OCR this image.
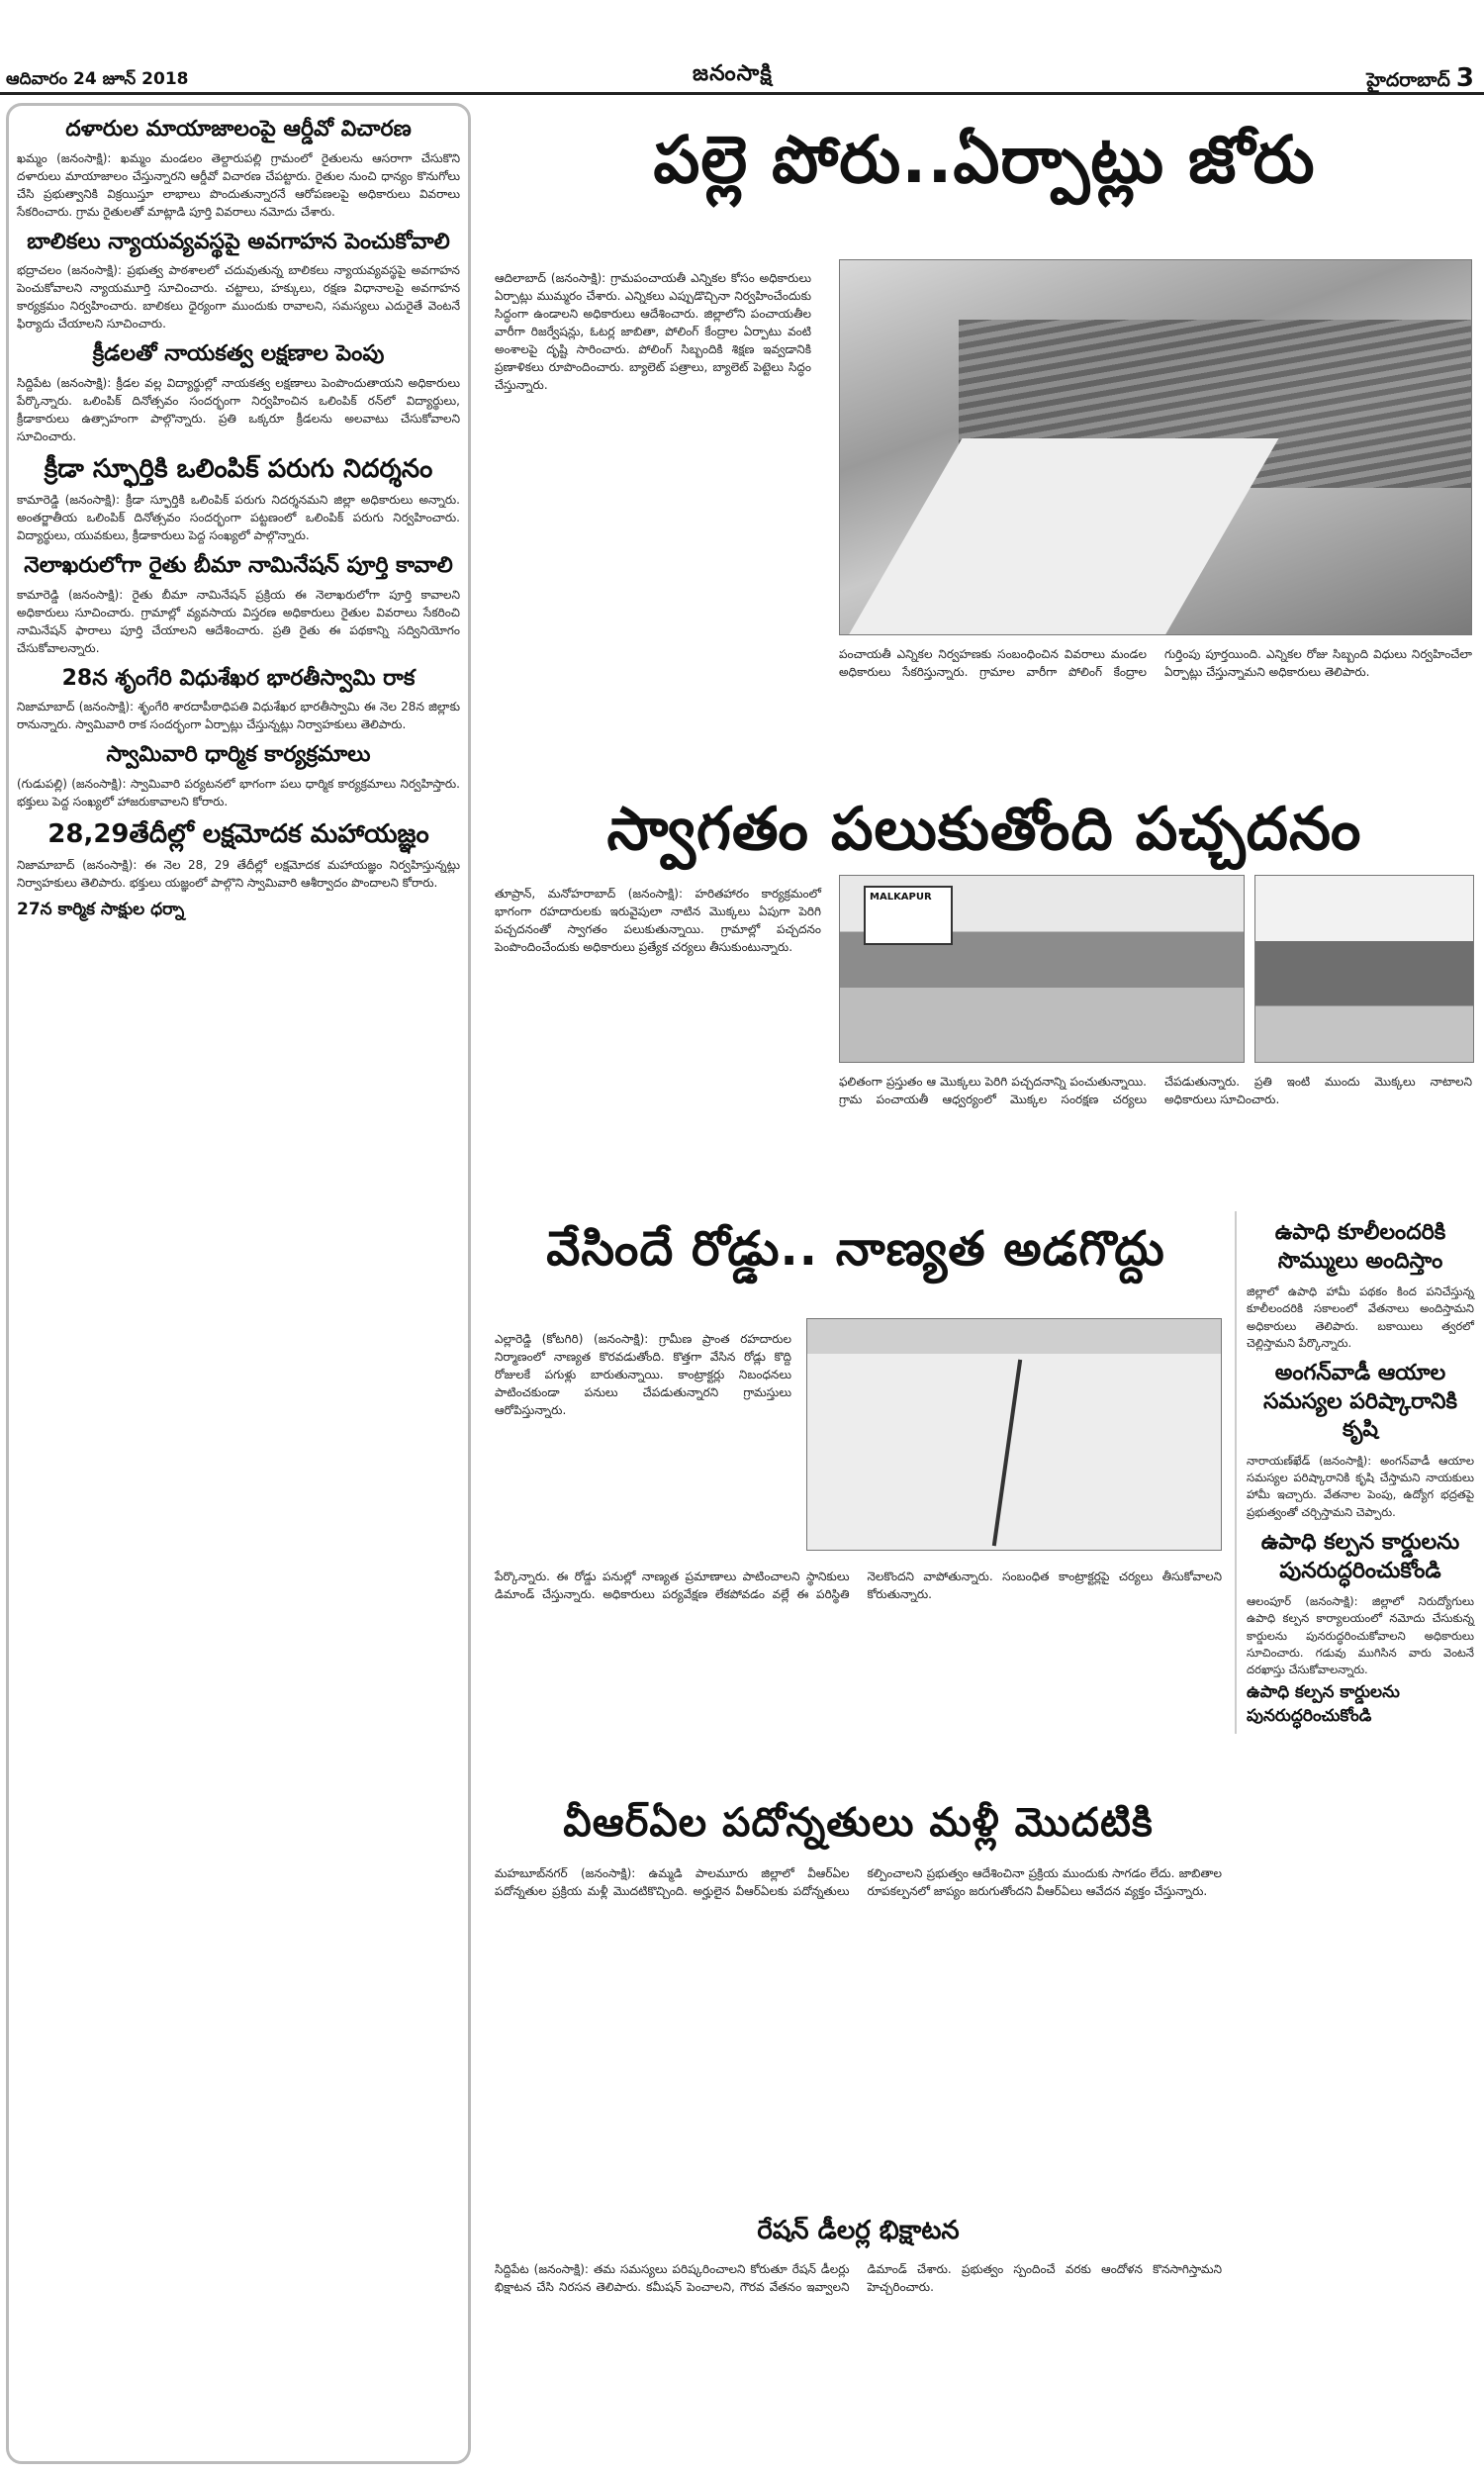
ఆదివారం 24 జూన్ 2018	జనంసాక్షి	హైదరాబాద్ 3
దళారుల మాయాజాలంపై ఆర్డీవో విచారణ
ఖమ్మం (జనంసాక్షి): ఖమ్మం మండలం తెల్దారుపల్లి గ్రామంలో రైతులను ఆసరాగా చేసుకొని దళారులు మాయాజాలం చేస్తున్నారని ఆర్డీవో విచారణ చేపట్టారు. రైతుల నుంచి ధాన్యం కొనుగోలు చేసి ప్రభుత్వానికి విక్రయిస్తూ లాభాలు పొందుతున్నారనే ఆరోపణలపై అధికారులు వివరాలు సేకరించారు. గ్రామ రైతులతో మాట్లాడి పూర్తి వివరాలు నమోదు చేశారు.
బాలికలు న్యాయవ్యవస్థపై అవగాహన పెంచుకోవాలి
భద్రాచలం (జనంసాక్షి): ప్రభుత్వ పాఠశాలలో చదువుతున్న బాలికలు న్యాయవ్యవస్థపై అవగాహన పెంచుకోవాలని న్యాయమూర్తి సూచించారు. చట్టాలు, హక్కులు, రక్షణ విధానాలపై అవగాహన కార్యక్రమం నిర్వహించారు. బాలికలు ధైర్యంగా ముందుకు రావాలని, సమస్యలు ఎదురైతే వెంటనే ఫిర్యాదు చేయాలని సూచించారు.
క్రీడలతో నాయకత్వ లక్షణాల పెంపు
సిద్దిపేట (జనంసాక్షి): క్రీడల వల్ల విద్యార్థుల్లో నాయకత్వ లక్షణాలు పెంపొందుతాయని అధికారులు పేర్కొన్నారు. ఒలింపిక్ దినోత్సవం సందర్భంగా నిర్వహించిన ఒలింపిక్ రన్‌లో విద్యార్థులు, క్రీడాకారులు ఉత్సాహంగా పాల్గొన్నారు. ప్రతి ఒక్కరూ క్రీడలను అలవాటు చేసుకోవాలని సూచించారు.
క్రీడా స్ఫూర్తికి ఒలింపిక్ పరుగు నిదర్శనం
కామారెడ్డి (జనంసాక్షి): క్రీడా స్ఫూర్తికి ఒలింపిక్ పరుగు నిదర్శనమని జిల్లా అధికారులు అన్నారు. అంతర్జాతీయ ఒలింపిక్ దినోత్సవం సందర్భంగా పట్టణంలో ఒలింపిక్ పరుగు నిర్వహించారు. విద్యార్థులు, యువకులు, క్రీడాకారులు పెద్ద సంఖ్యలో పాల్గొన్నారు.
నెలాఖరులోగా రైతు బీమా నామినేషన్ పూర్తి కావాలి
కామారెడ్డి (జనంసాక్షి): రైతు బీమా నామినేషన్ ప్రక్రియ ఈ నెలాఖరులోగా పూర్తి కావాలని అధికారులు సూచించారు. గ్రామాల్లో వ్యవసాయ విస్తరణ అధికారులు రైతుల వివరాలు సేకరించి నామినేషన్ ఫారాలు పూర్తి చేయాలని ఆదేశించారు. ప్రతి రైతు ఈ పథకాన్ని సద్వినియోగం చేసుకోవాలన్నారు.
28న శృంగేరి విధుశేఖర భారతీస్వామి రాక
నిజామాబాద్ (జనంసాక్షి): శృంగేరి శారదాపీఠాధిపతి విధుశేఖర భారతీస్వామి ఈ నెల 28న జిల్లాకు రానున్నారు. స్వామివారి రాక సందర్భంగా ఏర్పాట్లు చేస్తున్నట్లు నిర్వాహకులు తెలిపారు.
స్వామివారి ధార్మిక కార్యక్రమాలు
(గుడుపల్లి) (జనంసాక్షి): స్వామివారి పర్యటనలో భాగంగా పలు ధార్మిక కార్యక్రమాలు నిర్వహిస్తారు. భక్తులు పెద్ద సంఖ్యలో హాజరుకావాలని కోరారు.
28,29తేదీల్లో లక్షమోదక మహాయజ్ఞం
నిజామాబాద్ (జనంసాక్షి): ఈ నెల 28, 29 తేదీల్లో లక్షమోదక మహాయజ్ఞం నిర్వహిస్తున్నట్లు నిర్వాహకులు తెలిపారు. భక్తులు యజ్ఞంలో పాల్గొని స్వామివారి ఆశీర్వాదం పొందాలని కోరారు.
27న కార్మిక సాక్షుల ధర్నా
పల్లె పోరు..ఏర్పాట్లు జోరు
ఆదిలాబాద్ (జనంసాక్షి): గ్రామపంచాయతీ ఎన్నికల కోసం అధికారులు ఏర్పాట్లు ముమ్మరం చేశారు. ఎన్నికలు ఎప్పుడొచ్చినా నిర్వహించేందుకు సిద్ధంగా ఉండాలని అధికారులు ఆదేశించారు. జిల్లాలోని పంచాయతీల వారీగా రిజర్వేషన్లు, ఓటర్ల జాబితా, పోలింగ్ కేంద్రాల ఏర్పాటు వంటి అంశాలపై దృష్టి సారించారు. పోలింగ్ సిబ్బందికి శిక్షణ ఇవ్వడానికి ప్రణాళికలు రూపొందించారు. బ్యాలెట్ పత్రాలు, బ్యాలెట్ పెట్టెలు సిద్ధం చేస్తున్నారు.
పంచాయతీ ఎన్నికల నిర్వహణకు సంబంధించిన వివరాలు మండల అధికారులు సేకరిస్తున్నారు. గ్రామాల వారీగా పోలింగ్ కేంద్రాల గుర్తింపు పూర్తయింది. ఎన్నికల రోజు సిబ్బంది విధులు నిర్వహించేలా ఏర్పాట్లు చేస్తున్నామని అధికారులు తెలిపారు.
స్వాగతం పలుకుతోంది పచ్చదనం
తూప్రాన్, మనోహరాబాద్ (జనంసాక్షి): హరితహారం కార్యక్రమంలో భాగంగా రహదారులకు ఇరువైపులా నాటిన మొక్కలు ఏపుగా పెరిగి పచ్చదనంతో స్వాగతం పలుకుతున్నాయి. గ్రామాల్లో పచ్చదనం పెంపొందించేందుకు అధికారులు ప్రత్యేక చర్యలు తీసుకుంటున్నారు.
MALKAPUR
ఫలితంగా ప్రస్తుతం ఆ మొక్కలు పెరిగి పచ్చదనాన్ని పంచుతున్నాయి. గ్రామ పంచాయతీ ఆధ్వర్యంలో మొక్కల సంరక్షణ చర్యలు చేపడుతున్నారు. ప్రతి ఇంటి ముందు మొక్కలు నాటాలని అధికారులు సూచించారు.
వేసిందే రోడ్డు.. నాణ్యత అడగొద్దు
ఎల్లారెడ్డి (కోటగిరి) (జనంసాక్షి): గ్రామీణ ప్రాంత రహదారుల నిర్మాణంలో నాణ్యత కొరవడుతోంది. కొత్తగా వేసిన రోడ్లు కొద్ది రోజులకే పగుళ్లు బారుతున్నాయి. కాంట్రాక్టర్లు నిబంధనలు పాటించకుండా పనులు చేపడుతున్నారని గ్రామస్తులు ఆరోపిస్తున్నారు.
పేర్కొన్నారు. ఈ రోడ్డు పనుల్లో నాణ్యత ప్రమాణాలు పాటించాలని స్థానికులు డిమాండ్ చేస్తున్నారు. అధికారులు పర్యవేక్షణ లేకపోవడం వల్లే ఈ పరిస్థితి నెలకొందని వాపోతున్నారు. సంబంధిత కాంట్రాక్టర్లపై చర్యలు తీసుకోవాలని కోరుతున్నారు.
వీఆర్ఏల పదోన్నతులు మళ్లీ మొదటికి
మహబూబ్‌నగర్ (జనంసాక్షి): ఉమ్మడి పాలమూరు జిల్లాలో వీఆర్ఏల పదోన్నతుల ప్రక్రియ మళ్లీ మొదటికొచ్చింది. అర్హులైన వీఆర్ఏలకు పదోన్నతులు కల్పించాలని ప్రభుత్వం ఆదేశించినా ప్రక్రియ ముందుకు సాగడం లేదు. జాబితాల రూపకల్పనలో జాప్యం జరుగుతోందని వీఆర్ఏలు ఆవేదన వ్యక్తం చేస్తున్నారు.
రేషన్ డీలర్ల భిక్షాటన
సిద్దిపేట (జనంసాక్షి): తమ సమస్యలు పరిష్కరించాలని కోరుతూ రేషన్ డీలర్లు భిక్షాటన చేసి నిరసన తెలిపారు. కమీషన్ పెంచాలని, గౌరవ వేతనం ఇవ్వాలని డిమాండ్ చేశారు. ప్రభుత్వం స్పందించే వరకు ఆందోళన కొనసాగిస్తామని హెచ్చరించారు.
ఉపాధి కూలీలందరికి సొమ్ములు అందిస్తాం
జిల్లాలో ఉపాధి హామీ పథకం కింద పనిచేస్తున్న కూలీలందరికి సకాలంలో వేతనాలు అందిస్తామని అధికారులు తెలిపారు. బకాయిలు త్వరలో చెల్లిస్తామని పేర్కొన్నారు.
అంగన్‌వాడీ ఆయాల సమస్యల పరిష్కారానికి కృషి
నారాయణ్‌ఖేడ్ (జనంసాక్షి): అంగన్‌వాడీ ఆయాల సమస్యల పరిష్కారానికి కృషి చేస్తామని నాయకులు హామీ ఇచ్చారు. వేతనాల పెంపు, ఉద్యోగ భద్రతపై ప్రభుత్వంతో చర్చిస్తామని చెప్పారు.
ఉపాధి కల్పన కార్డులను పునరుద్ధరించుకోండి
ఆలంపూర్ (జనంసాక్షి): జిల్లాలో నిరుద్యోగులు ఉపాధి కల్పన కార్యాలయంలో నమోదు చేసుకున్న కార్డులను పునరుద్ధరించుకోవాలని అధికారులు సూచించారు. గడువు ముగిసిన వారు వెంటనే దరఖాస్తు చేసుకోవాలన్నారు.
ఉపాధి కల్పన కార్డులను పునరుద్ధరించుకోండి
